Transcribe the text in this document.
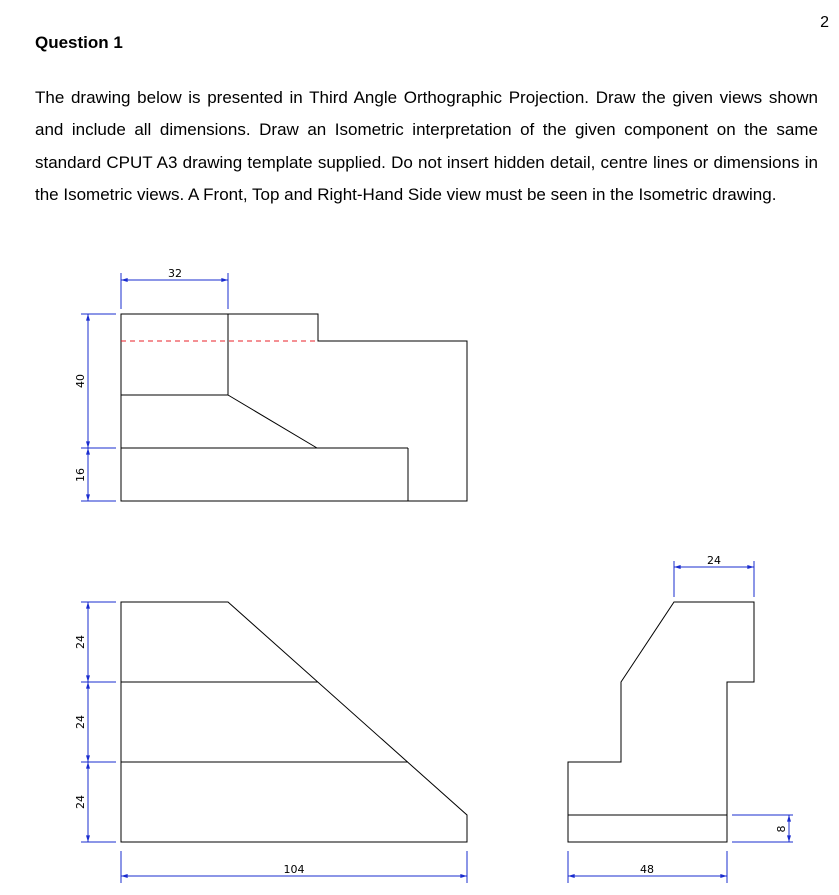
2
Question 1

The drawing below is presented in Third Angle Orthographic Projection. Draw the given views shown and include all dimensions. Draw an Isometric interpretation of the given component on the same standard CPUT A3 drawing template supplied. Do not insert hidden detail, centre lines or dimensions in the Isometric views. A Front, Top and Right-Hand Side view must be seen in the Isometric drawing.

32
40
16
24
24
24
104
24
48
8
